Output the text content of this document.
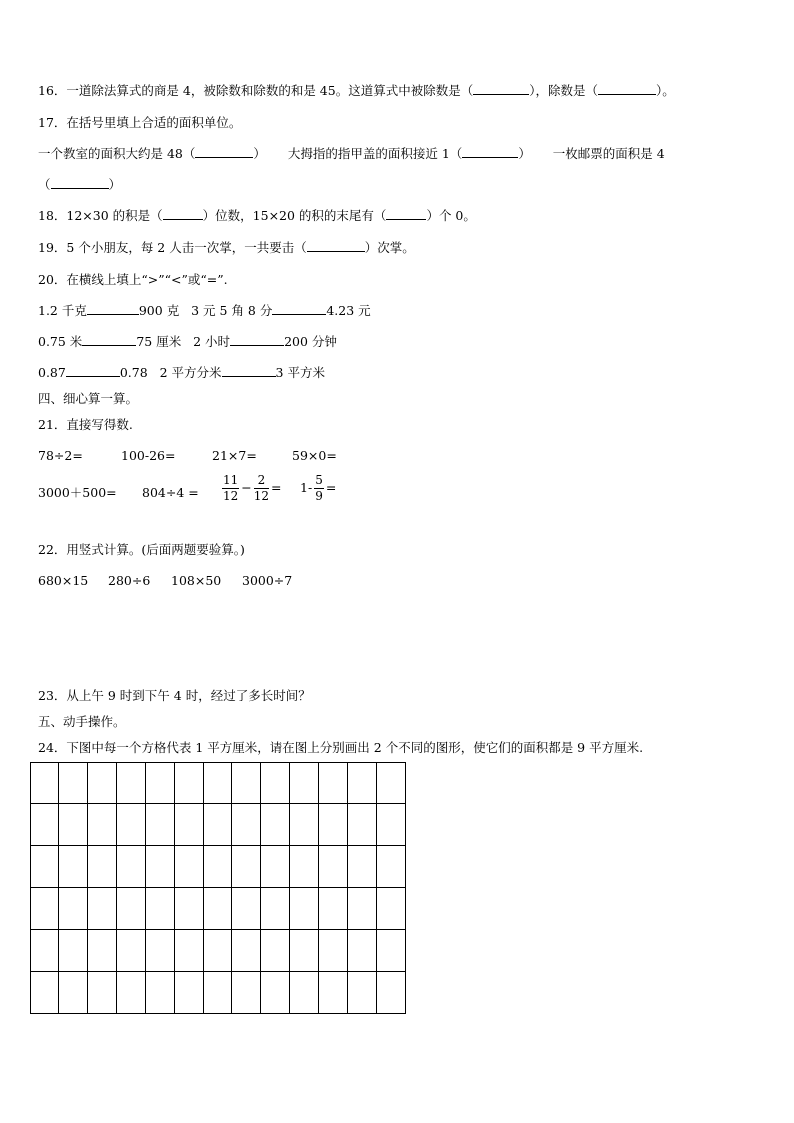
16．一道除法算式的商是 4，被除数和除数的和是 45。这道算式中被除数是（	），除数是（	）。
17．在括号里填上合适的面积单位。
一个教室的面积大约是 48（	） 大拇指的指甲盖的面积接近 1（	） 一枚邮票的面积是 4
（	）
18．12×30 的积是（	）位数，15×20 的积的末尾有（	）个 0。
19．5 个小朋友，每 2 人击一次掌，一共要击（	）次掌。
20．在横线上填上“>”“<”或“=”.
1.2 千克	900 克 3 元 5 角 8 分	4.23 元
0.75 米	75 厘米 2 小时	200 分钟
0.87	0.78 2 平方分米	3 平方米
四、细心算一算。
21．直接写得数.
78÷2=	100-26=	21×7=	59×0=
$3000+500= 804\div 4 = \frac{11}{12} - \frac{2}{12} = 1- \frac{5}{9}$ =
22．用竖式计算。(后面两题要验算。)
680×15 280÷6 108×50 3000÷7
23．从上午 9 时到下午 4 时，经过了多长时间？
五、动手操作。
24．下图中每一个方格代表 1 平方厘米，请在图上分别画出 2 个不同的图形，使它们的面积都是 9 平方厘米.
